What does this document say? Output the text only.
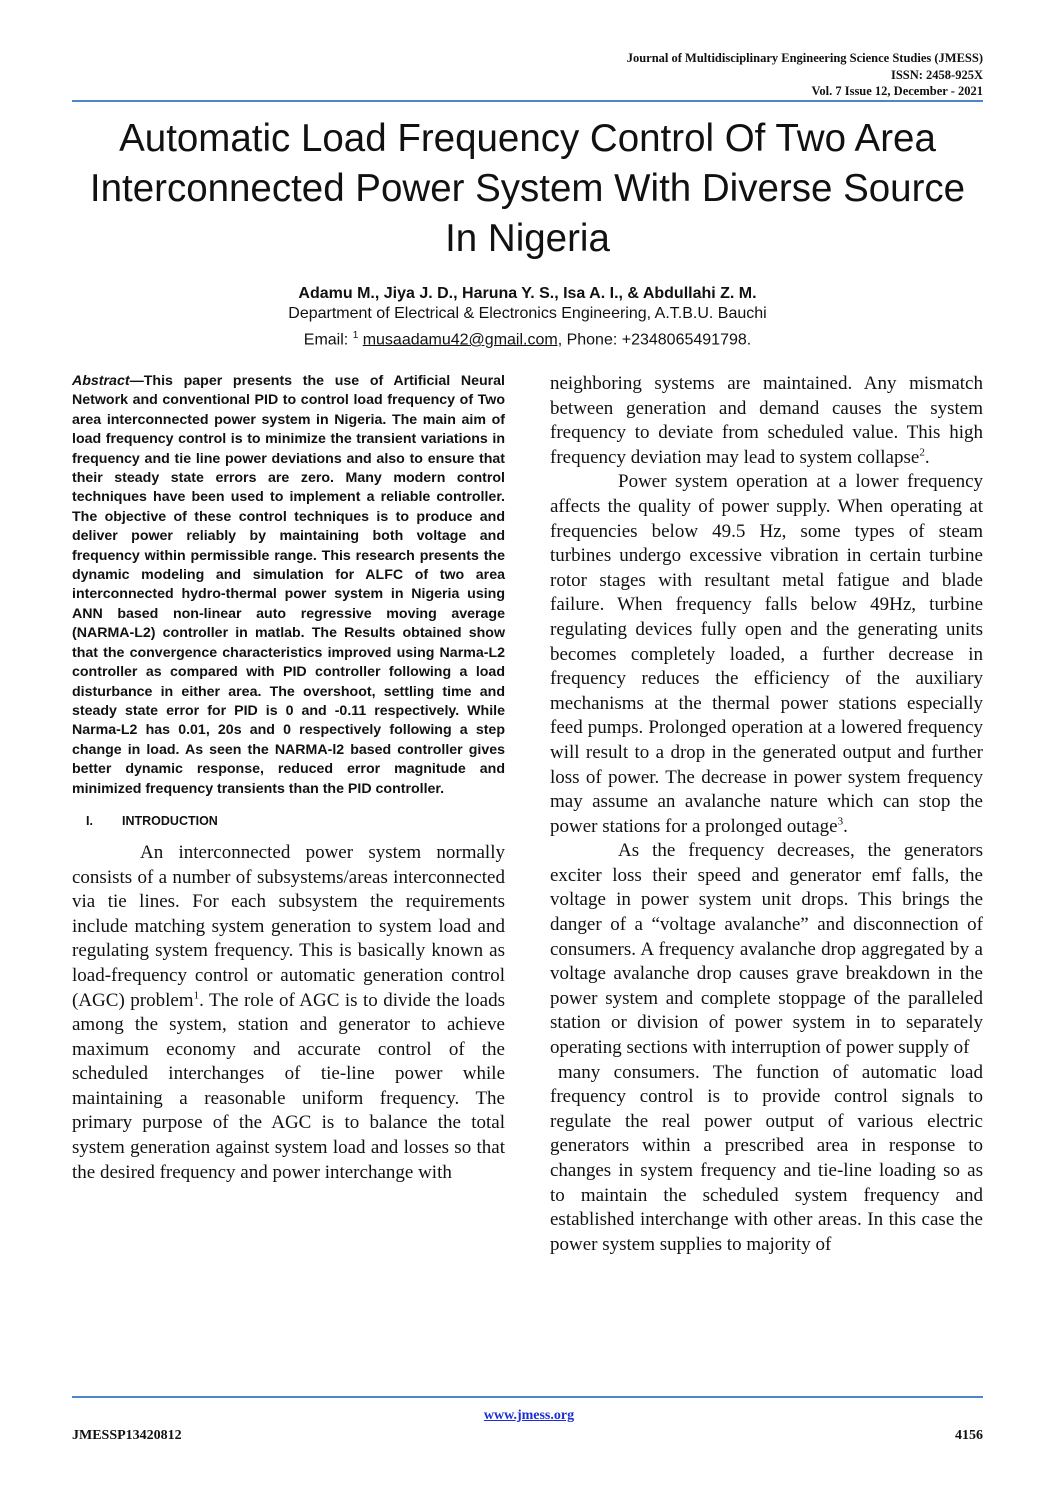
Journal of Multidisciplinary Engineering Science Studies (JMESS)
ISSN: 2458-925X
Vol. 7 Issue 12, December - 2021
Automatic Load Frequency Control Of Two Area Interconnected Power System With Diverse Source In Nigeria
Adamu M., Jiya J. D., Haruna Y. S., Isa A. I., & Abdullahi Z. M.
Department of Electrical & Electronics Engineering, A.T.B.U. Bauchi
Email: $^1$ musaadamu42@gmail.com, Phone: +2348065491798.

Abstract—This paper presents the use of Artificial Neural Network and conventional PID to control load frequency of Two area interconnected power system in Nigeria. The main aim of load frequency control is to minimize the transient variations in frequency and tie line power deviations and also to ensure that their steady state errors are zero. Many modern control techniques have been used to implement a reliable controller. The objective of these control techniques is to produce and deliver power reliably by maintaining both voltage and frequency within permissible range. This research presents the dynamic modeling and simulation for ALFC of two area interconnected hydro-thermal power system in Nigeria using ANN based non-linear auto regressive moving average (NARMA-L2) controller in matlab. The Results obtained show that the convergence characteristics improved using Narma-L2 controller as compared with PID controller following a load disturbance in either area. The overshoot, settling time and steady state error for PID is 0 and -0.11 respectively. While Narma-L2 has 0.01, 20s and 0 respectively following a step change in load. As seen the NARMA-l2 based controller gives better dynamic response, reduced error magnitude and minimized frequency transients than the PID controller.

I. INTRODUCTION

An interconnected power system normally consists of a number of subsystems/areas interconnected via tie lines. For each subsystem the requirements include matching system generation to system load and regulating system frequency. This is basically known as load-frequency control or automatic generation control (AGC) problem$^1$. The role of AGC is to divide the loads among the system, station and generator to achieve maximum economy and accurate control of the scheduled interchanges of tie-line power while maintaining a reasonable uniform frequency. The primary purpose of the AGC is to balance the total system generation against system load and losses so that the desired frequency and power interchange with

neighboring systems are maintained. Any mismatch between generation and demand causes the system frequency to deviate from scheduled value. This high frequency deviation may lead to system collapse$^2$.

Power system operation at a lower frequency affects the quality of power supply. When operating at frequencies below 49.5 Hz, some types of steam turbines undergo excessive vibration in certain turbine rotor stages with resultant metal fatigue and blade failure. When frequency falls below 49Hz, turbine regulating devices fully open and the generating units becomes completely loaded, a further decrease in frequency reduces the efficiency of the auxiliary mechanisms at the thermal power stations especially feed pumps. Prolonged operation at a lowered frequency will result to a drop in the generated output and further loss of power. The decrease in power system frequency may assume an avalanche nature which can stop the power stations for a prolonged outage$^3$.

As the frequency decreases, the generators exciter loss their speed and generator emf falls, the voltage in power system unit drops. This brings the danger of a “voltage avalanche” and disconnection of consumers. A frequency avalanche drop aggregated by a voltage avalanche drop causes grave breakdown in the power system and complete stoppage of the paralleled station or division of power system in to separately operating sections with interruption of power supply of

many consumers. The function of automatic load frequency control is to provide control signals to regulate the real power output of various electric generators within a prescribed area in response to changes in system frequency and tie-line loading so as to maintain the scheduled system frequency and established interchange with other areas. In this case the power system supplies to majority of

www.jmess.org
JMESSP13420812	4156
